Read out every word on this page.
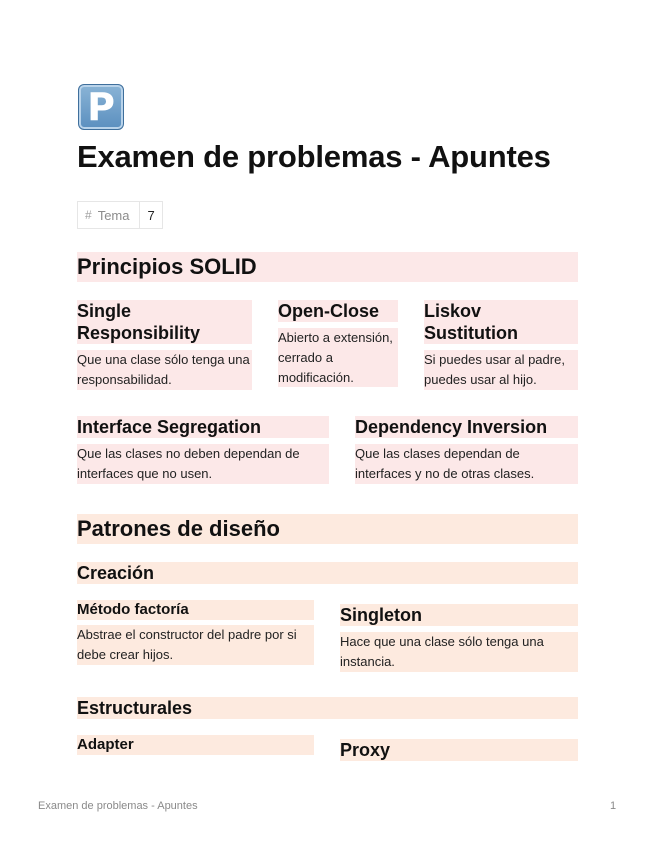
P
Examen de problemas - Apuntes
# Tema	7
Principios SOLID
Single Responsibility

Que una clase sólo tenga una responsabilidad.

Open-Close

Abierto a extensión, cerrado a modificación.

Liskov Sustitution

Si puedes usar al padre, puedes usar al hijo.

Interface Segregation

Que las clases no deben dependan de interfaces que no usen.

Dependency Inversion

Que las clases dependan de interfaces y no de otras clases.

Patrones de diseño
Creación
Método factoría

Abstrae el constructor del padre por si debe crear hijos.

Singleton

Hace que una clase sólo tenga una instancia.

Estructurales
Adapter	Proxy
Examen de problemas - Apuntes	1
